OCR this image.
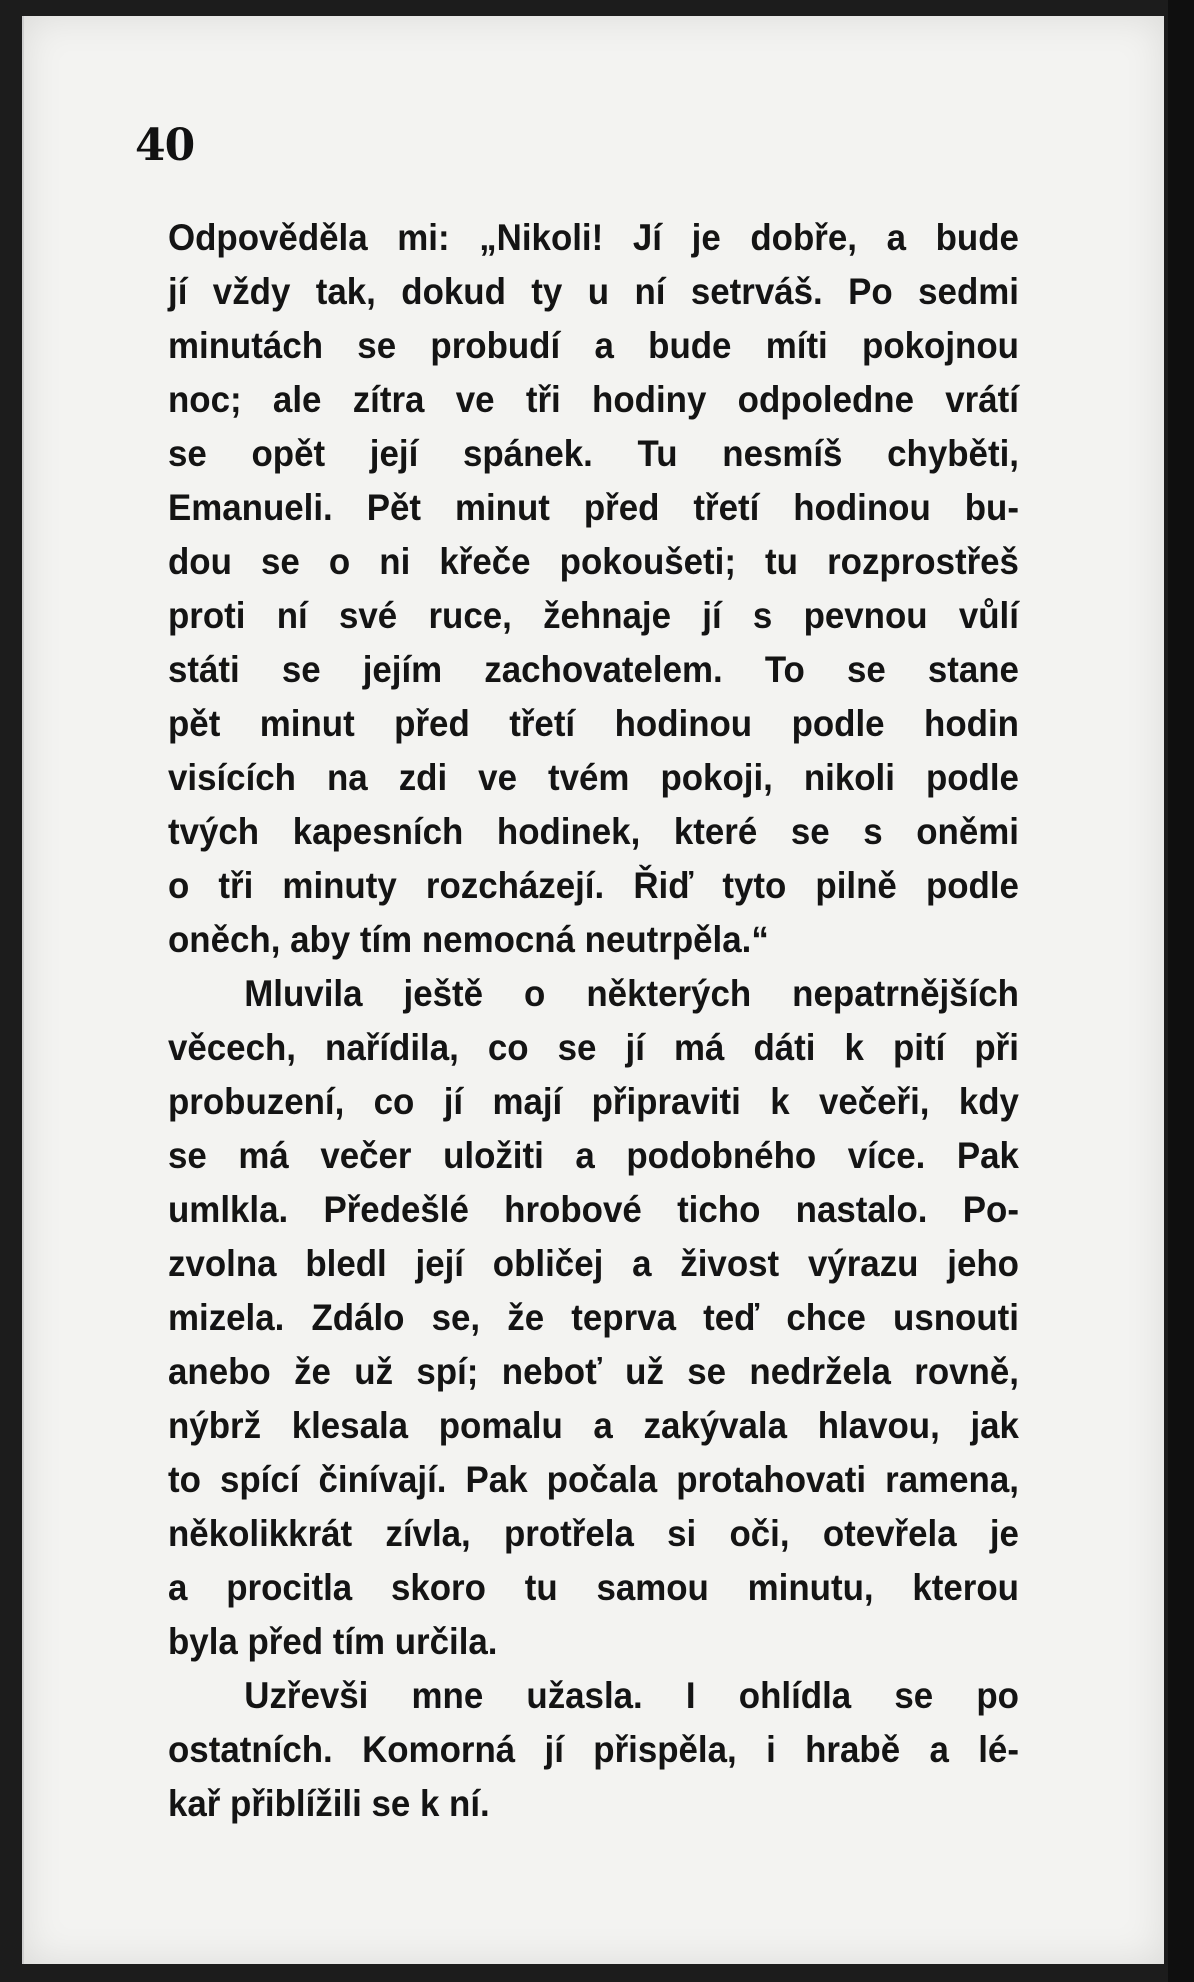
40

Odpověděla mi: „Nikoli! Jí je dobře, a bude

jí vždy tak, dokud ty u ní setrváš. Po sedmi

minutách se probudí a bude míti pokojnou

noc; ale zítra ve tři hodiny odpoledne vrátí

se opět její spánek. Tu nesmíš chyběti,

Emanueli. Pět minut před třetí hodinou bu-

dou se o ni křeče pokoušeti; tu rozprostřeš

proti ní své ruce, žehnaje jí s pevnou vůlí

státi se jejím zachovatelem. To se stane

pět minut před třetí hodinou podle hodin

visících na zdi ve tvém pokoji, nikoli podle

tvých kapesních hodinek, které se s oněmi

o tři minuty rozcházejí. Řiď tyto pilně podle

oněch, aby tím nemocná neutrpěla.“

Mluvila ještě o některých nepatrnějších

věcech, nařídila, co se jí má dáti k pití při

probuzení, co jí mají připraviti k večeři, kdy

se má večer uložiti a podobného více. Pak

umlkla. Předešlé hrobové ticho nastalo. Po-

zvolna bledl její obličej a živost výrazu jeho

mizela. Zdálo se, že teprva teď chce usnouti

anebo že už spí; neboť už se nedržela rovně,

nýbrž klesala pomalu a zakývala hlavou, jak

to spící činívají. Pak počala protahovati ramena,

několikkrát zívla, protřela si oči, otevřela je

a procitla skoro tu samou minutu, kterou

byla před tím určila.

Uzřevši mne užasla. I ohlídla se po

ostatních. Komorná jí přispěla, i hrabě a lé-

kař přiblížili se k ní.
